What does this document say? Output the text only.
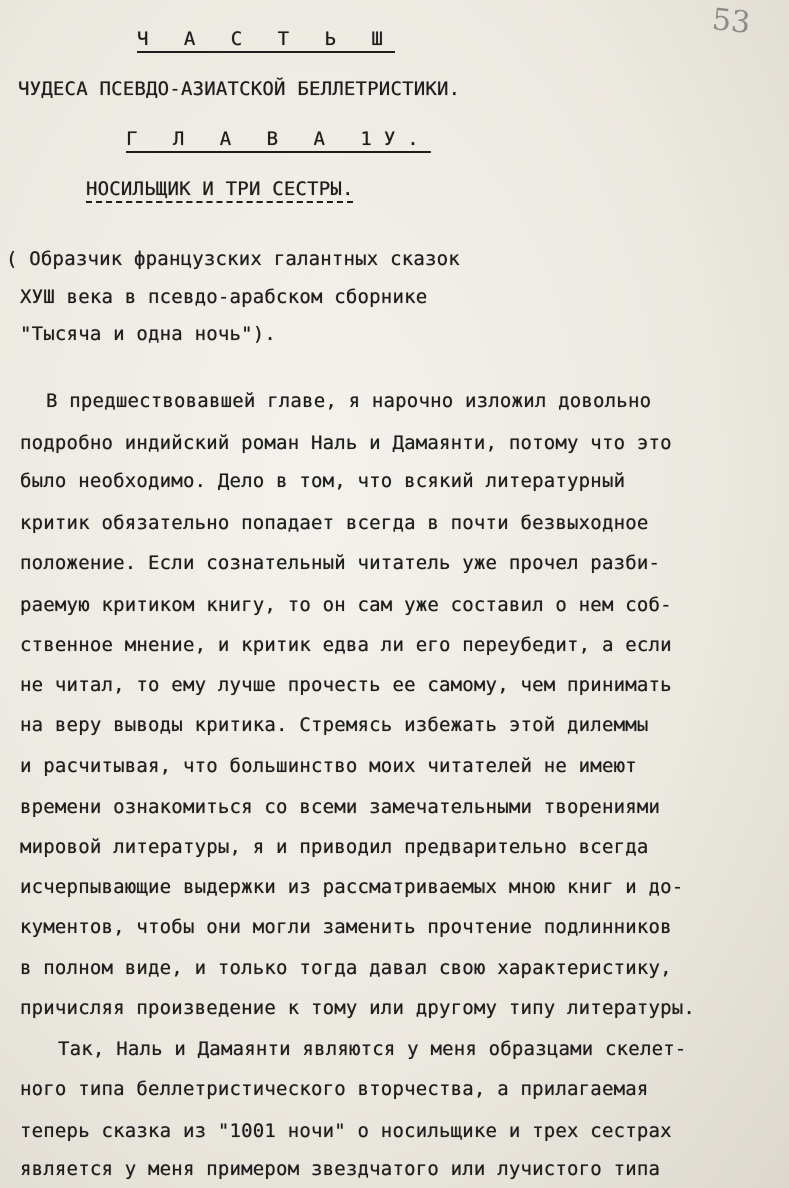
53
Ч А С Т Ь Ш
ЧУДЕСА ПСЕВДО-АЗИАТСКОЙ БЕЛЛЕТРИСТИКИ.
Г Л А В А 1У.
НОСИЛЬЩИК И ТРИ СЕСТРЫ.
( Образчик французских галантных сказок
ХУШ века в псевдо-арабском сборнике
"Тысяча и одна ночь").
В предшествовавшей главе, я нарочно изложил довольно
подробно индийский роман Наль и Дамаянти, потому что это
было необходимо. Дело в том, что всякий литературный
критик обязательно попадает всегда в почти безвыходное
положение. Если сознательный читатель уже прочел разби-
раемую критиком книгу, то он сам уже составил о нем соб-
ственное мнение, и критик едва ли его переубедит, а если
не читал, то ему лучше прочесть ее самому, чем принимать
на веру выводы критика. Стремясь избежать этой дилеммы
и расчитывая, что большинство моих читателей не имеют
времени ознакомиться со всеми замечательными творениями
мировой литературы, я и приводил предварительно всегда
исчерпывающие выдержки из рассматриваемых мною книг и до-
кументов, чтобы они могли заменить прочтение подлинников
в полном виде, и только тогда давал свою характеристику,
причисляя произведение к тому или другому типу литературы.
Так, Наль и Дамаянти являются у меня образцами скелет-
ного типа беллетристического вторчества, а прилагаемая
теперь сказка из "1001 ночи" о носильщике и трех сестрах
является у меня примером звездчатого или лучистого типа
